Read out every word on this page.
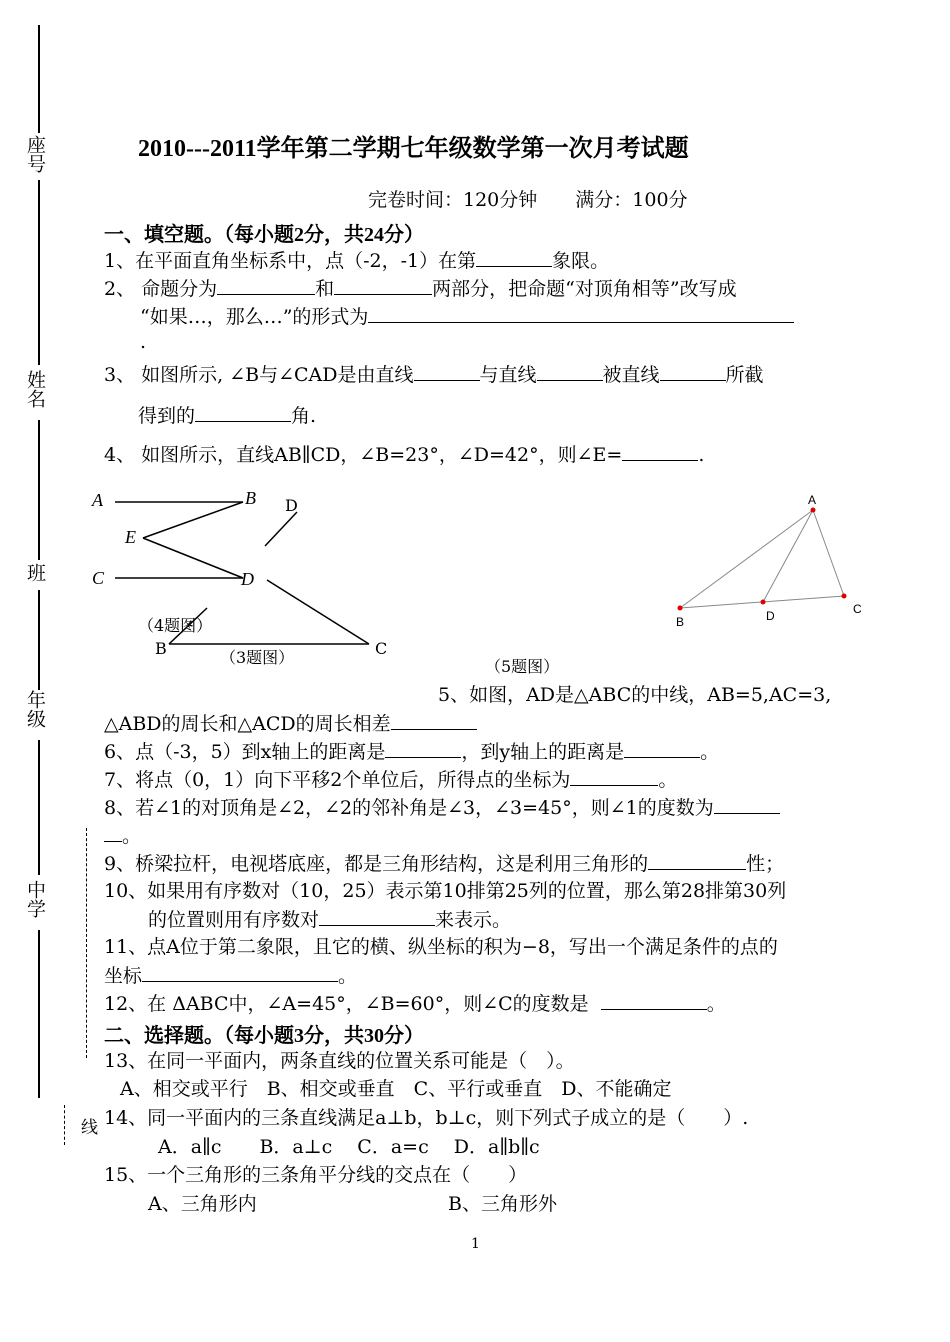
座号
姓名
班
年级
中学
线
2010---2011学年第二学期七年级数学第一次月考试题
完卷时间：120分钟　　满分：100分
一、填空题。（每小题2分，共24分）
1、在平面直角坐标系中，点（-2，-1）在第	象限。
2、 命题分为	和	两部分，把命题“对顶角相等”改写成
“如果…，那么…”的形式为
.
3、 如图所示, ∠B与∠CAD是由直线	与直线	被直线	所截
得到的	角.
4、 如图所示，直线AB∥CD，∠B=23°，∠D=42°，则∠E=	.
A	B
E
C	D
D
B	C
（4题图）
（3题图）
A
B	D	C
（5题图）
5、如图，AD是△ABC的中线，AB=5,AC=3,
△ABD的周长和△ACD的周长相差
6、点（-3，5）到x轴上的距离是	，到y轴上的距离是	。
7、将点（0，1）向下平移2个单位后，所得点的坐标为	。
8、若∠1的对顶角是∠2，∠2的邻补角是∠3，∠3=45°，则∠1的度数为
。
9、桥梁拉杆，电视塔底座，都是三角形结构，这是利用三角形的	性；
10、如果用有序数对（10，25）表示第10排第25列的位置，那么第28排第30列
的位置则用有序数对	来表示。
11、点A位于第二象限，且它的横、纵坐标的积为−8，写出一个满足条件的点的
坐标	。
12、在 ΔABC中，∠A=45°，∠B=60°，则∠C的度数是	。
二、选择题。（每小题3分，共30分）
13、在同一平面内，两条直线的位置关系可能是（　）。
A、相交或平行　B、相交或垂直　C、平行或垂直　D、不能确定
14、同一平面内的三条直线满足a⊥b，b⊥c，则下列式子成立的是（　　）.
A．a∥c　　B．a⊥c　 C．a=c　 D．a∥b∥c
15、一个三角形的三条角平分线的交点在（　　）
A、三角形内	B、三角形外
1
